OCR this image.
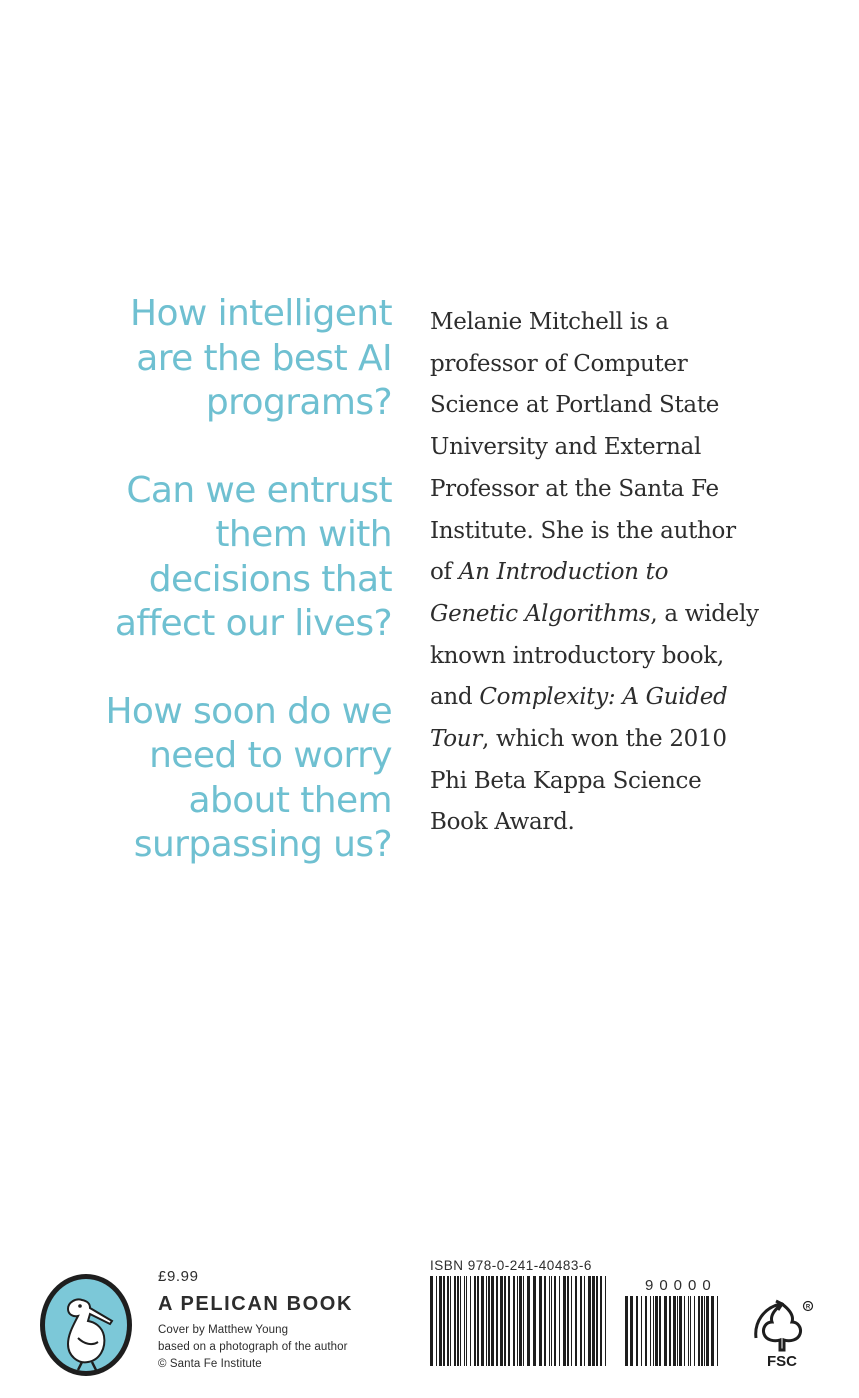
How intelligent
are the best AI
programs?
Can we entrust
them with
decisions that
affect our lives?
How soon do we
need to worry
about them
surpassing us?

Melanie Mitchell is a

professor of Computer

Science at Portland State

University and External

Professor at the Santa Fe

Institute. She is the author

of An Introduction to

Genetic Algorithms, a widely

known introductory book,

and Complexity: A Guided

Tour, which won the 2010

Phi Beta Kappa Science

Book Award.

£9.99
A PELICAN BOOK
Cover by Matthew Young
based on a photograph of the author
© Santa Fe Institute
ISBN 978-0-241-40483-6
90000
R
FSC
